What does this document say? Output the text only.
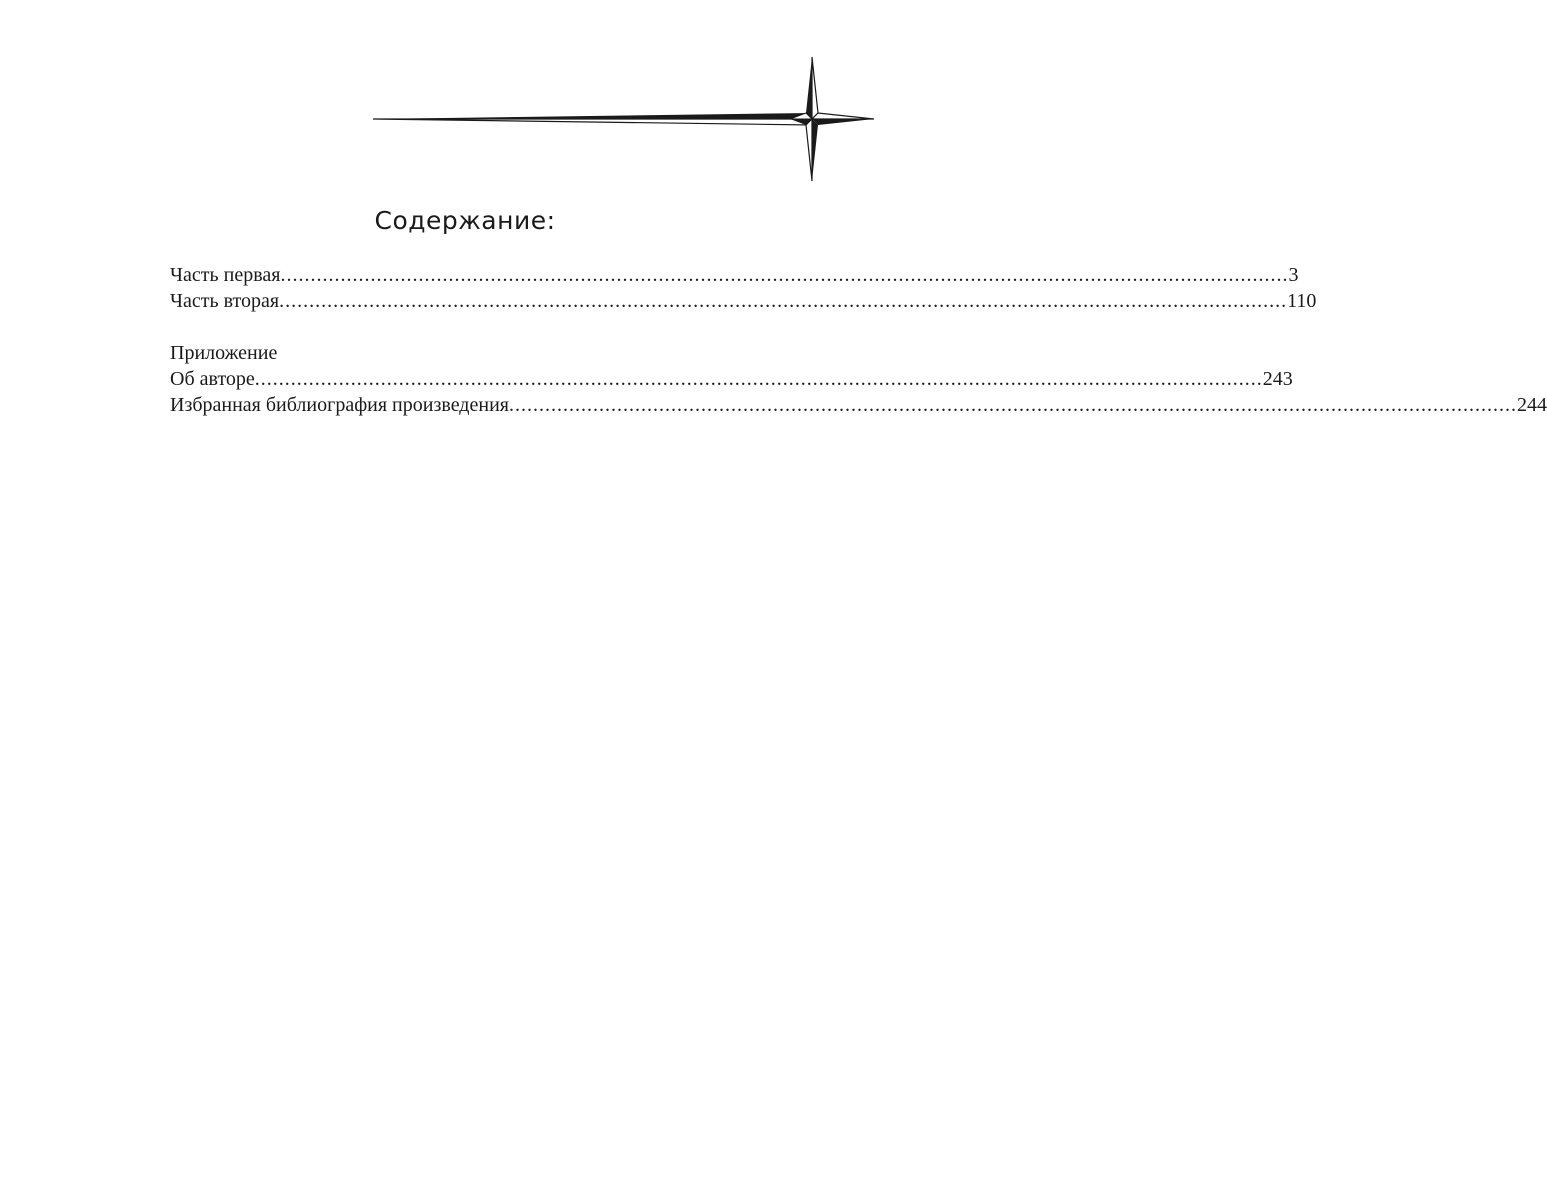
Содержание:
Часть первая ........................................................................................................................................................................ 3
Часть вторая ........................................................................................................................................................................ 110
Приложение
Об авторе ........................................................................................................................................................................ 243
Избранная библиография произведения ........................................................................................................................................................................ 244
